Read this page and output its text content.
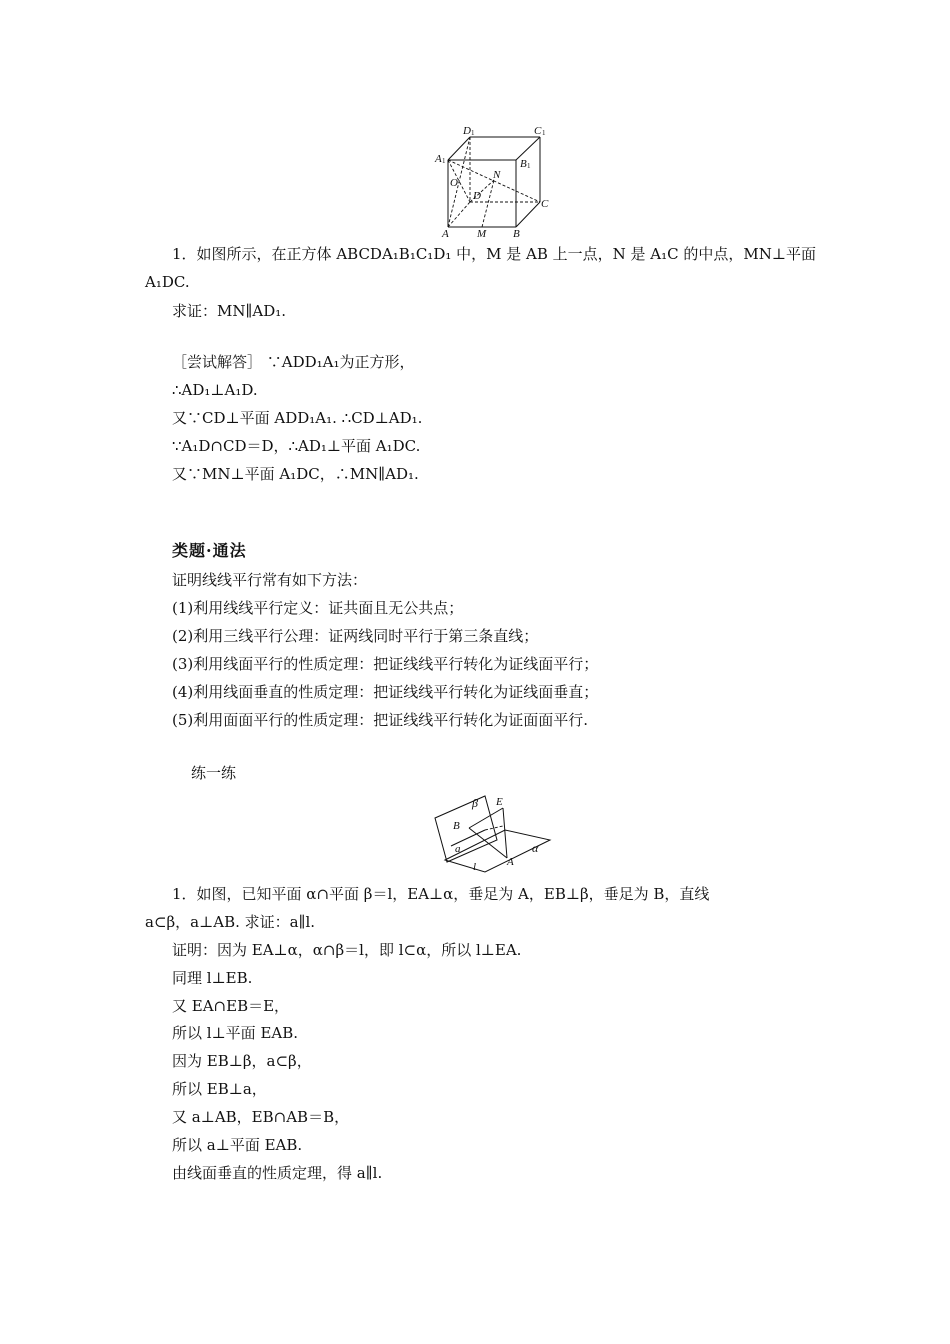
D 1	C 1
A 1	B 1
O
N
D
C
A	M B
1．如图所示，在正方体 ABCDA₁B₁C₁D₁ 中，M 是 AB 上一点，N 是 A₁C 的中点，MN⊥平面
A₁DC.
求证：MN∥AD₁.
［尝试解答］ ∵ADD₁A₁为正方形，
∴AD₁⊥A₁D.
又∵CD⊥平面 ADD₁A₁. ∴CD⊥AD₁.
∵A₁D∩CD＝D，∴AD₁⊥平面 A₁DC.
又∵MN⊥平面 A₁DC，∴MN∥AD₁.
类题·通法
证明线线平行常有如下方法：
(1)利用线线平行定义：证共面且无公共点；
(2)利用三线平行公理：证两线同时平行于第三条直线；
(3)利用线面平行的性质定理：把证线线平行转化为证线面平行；
(4)利用线面垂直的性质定理：把证线线平行转化为证线面垂直；
(5)利用面面平行的性质定理：把证线线平行转化为证面面平行.
练一练
β E
B
a
A
α
l
1．如图，已知平面 α∩平面 β＝l，EA⊥α，垂足为 A，EB⊥β，垂足为 B，直线
a⊂β，a⊥AB. 求证：a∥l.
证明：因为 EA⊥α，α∩β＝l，即 l⊂α，所以 l⊥EA.
同理 l⊥EB.
又 EA∩EB＝E，
所以 l⊥平面 EAB.
因为 EB⊥β，a⊂β，
所以 EB⊥a，
又 a⊥AB，EB∩AB＝B，
所以 a⊥平面 EAB.
由线面垂直的性质定理，得 a∥l.
